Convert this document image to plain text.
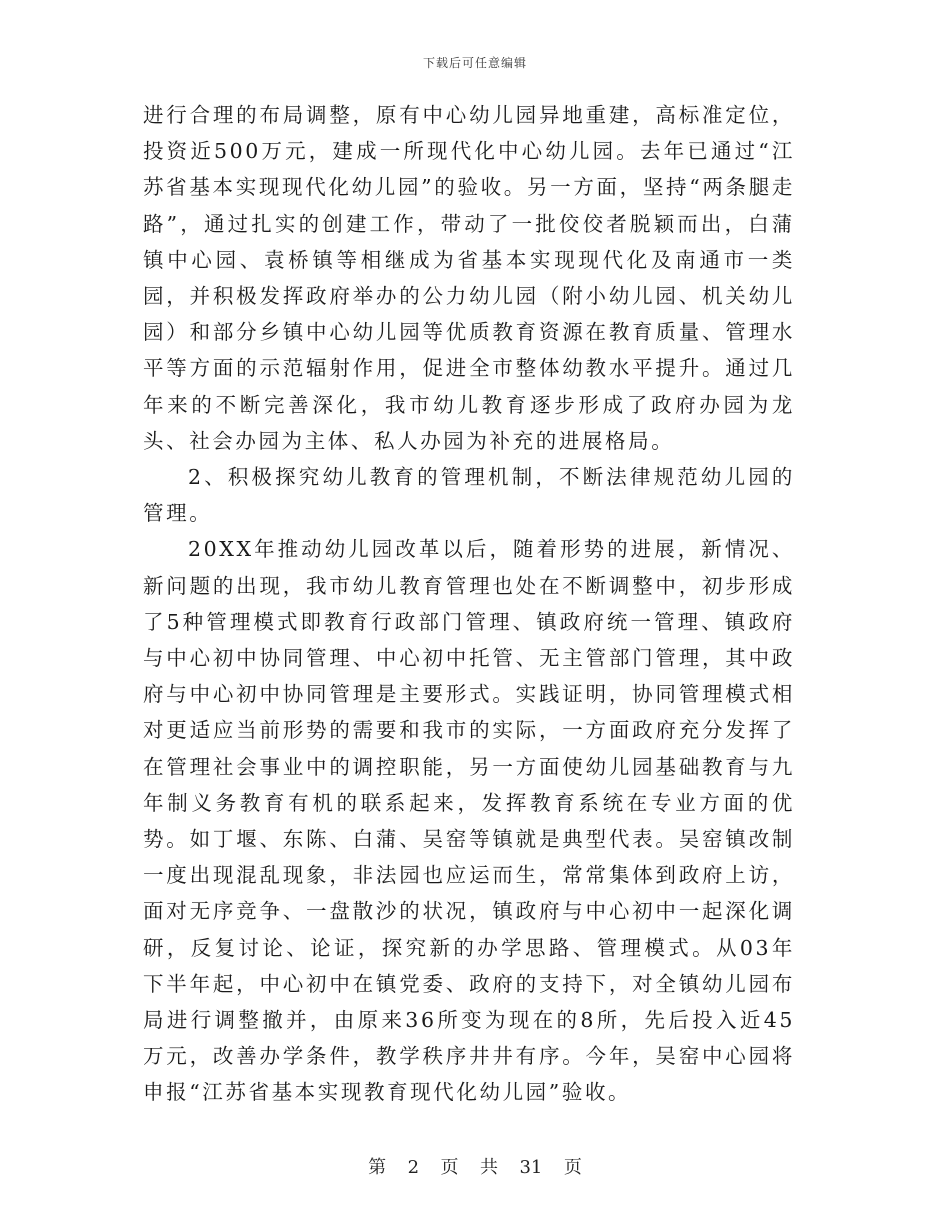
下载后可任意编辑

进行合理的布局调整，原有中心幼儿园异地重建，高标准定位，投资近500万元，建成一所现代化中心幼儿园。去年已通过“江苏省基本实现现代化幼儿园”的验收。另一方面，坚持“两条腿走路”，通过扎实的创建工作，带动了一批佼佼者脱颖而出，白蒲镇中心园、袁桥镇等相继成为省基本实现现代化及南通市一类园，并积极发挥政府举办的公力幼儿园（附小幼儿园、机关幼儿园）和部分乡镇中心幼儿园等优质教育资源在教育质量、管理水平等方面的示范辐射作用，促进全市整体幼教水平提升。通过几年来的不断完善深化，我市幼儿教育逐步形成了政府办园为龙头、社会办园为主体、私人办园为补充的进展格局。

2、积极探究幼儿教育的管理机制，不断法律规范幼儿园的管理。

20XX年推动幼儿园改革以后，随着形势的进展，新情况、新问题的出现，我市幼儿教育管理也处在不断调整中，初步形成了5种管理模式即教育行政部门管理、镇政府统一管理、镇政府与中心初中协同管理、中心初中托管、无主管部门管理，其中政府与中心初中协同管理是主要形式。实践证明，协同管理模式相对更适应当前形势的需要和我市的实际，一方面政府充分发挥了在管理社会事业中的调控职能，另一方面使幼儿园基础教育与九年制义务教育有机的联系起来，发挥教育系统在专业方面的优势。如丁堰、东陈、白蒲、吴窑等镇就是典型代表。吴窑镇改制一度出现混乱现象，非法园也应运而生，常常集体到政府上访，面对无序竞争、一盘散沙的状况，镇政府与中心初中一起深化调研，反复讨论、论证，探究新的办学思路、管理模式。从03年下半年起，中心初中在镇党委、政府的支持下，对全镇幼儿园布局进行调整撤并，由原来36所变为现在的8所，先后投入近45万元，改善办学条件，教学秩序井井有序。今年，吴窑中心园将申报“江苏省基本实现教育现代化幼儿园”验收。

第 2 页 共 31 页
